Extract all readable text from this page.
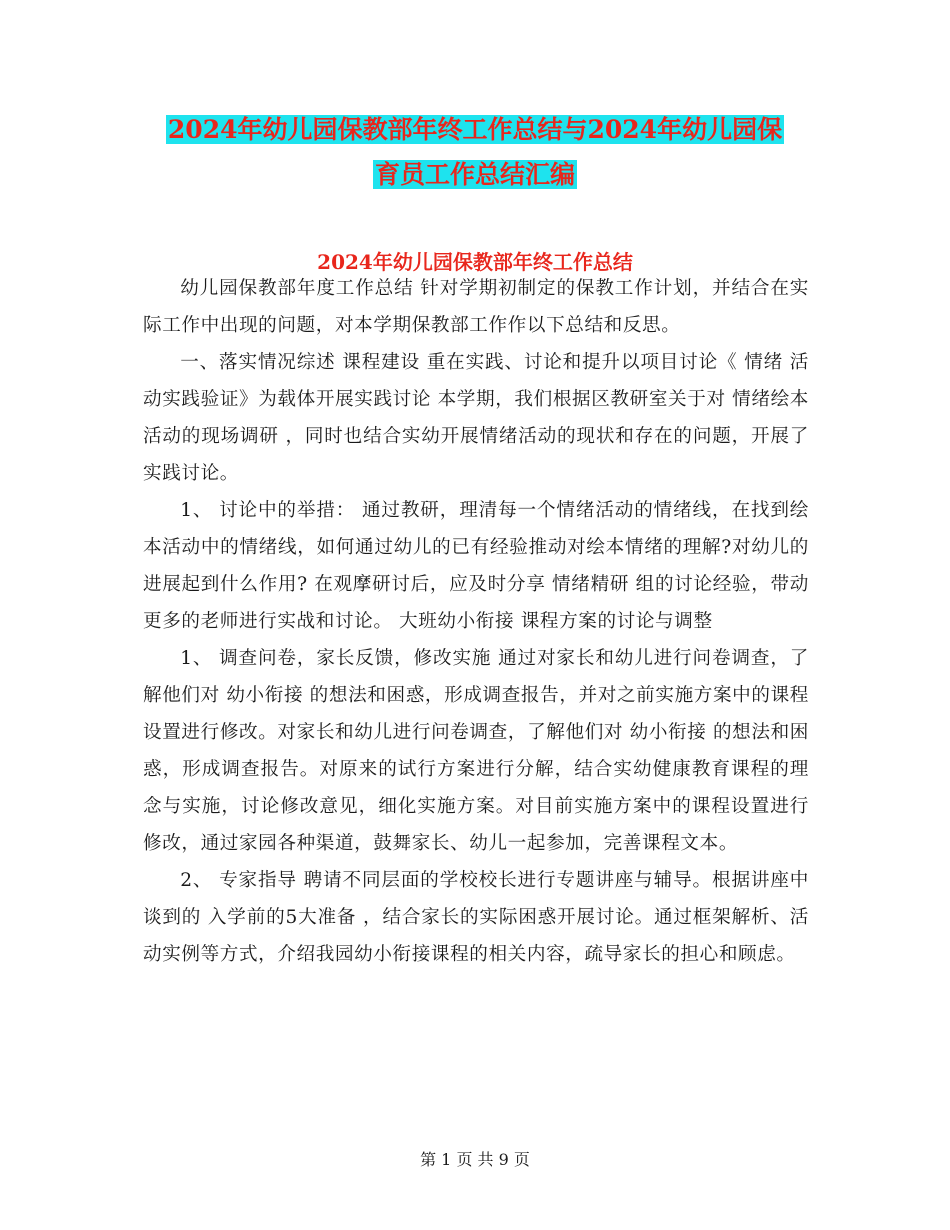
2024年幼儿园保教部年终工作总结与2024年幼儿园保
育员工作总结汇编
2024年幼儿园保教部年终工作总结

幼儿园保教部年度工作总结 针对学期初制定的保教工作计划，并结合在实际工作中出现的问题，对本学期保教部工作作以下总结和反思。

一、落实情况综述 课程建设 重在实践、讨论和提升以项目讨论《 情绪 活动实践验证》为载体开展实践讨论 本学期，我们根据区教研室关于对 情绪绘本活动的现场调研 ，同时也结合实幼开展情绪活动的现状和存在的问题，开展了实践讨论。

1、 讨论中的举措： 通过教研，理清每一个情绪活动的情绪线，在找到绘本活动中的情绪线，如何通过幼儿的已有经验推动对绘本情绪的理解?对幼儿的进展起到什么作用? 在观摩研讨后，应及时分享 情绪精研 组的讨论经验，带动更多的老师进行实战和讨论。 大班幼小衔接 课程方案的讨论与调整

1、 调查问卷，家长反馈，修改实施 通过对家长和幼儿进行问卷调查，了解他们对 幼小衔接 的想法和困惑，形成调查报告，并对之前实施方案中的课程设置进行修改。对家长和幼儿进行问卷调查，了解他们对 幼小衔接 的想法和困惑，形成调查报告。对原来的试行方案进行分解，结合实幼健康教育课程的理念与实施，讨论修改意见，细化实施方案。对目前实施方案中的课程设置进行修改，通过家园各种渠道，鼓舞家长、幼儿一起参加，完善课程文本。

2、 专家指导 聘请不同层面的学校校长进行专题讲座与辅导。根据讲座中谈到的 入学前的5大准备 ，结合家长的实际困惑开展讨论。通过框架解析、活动实例等方式，介绍我园幼小衔接课程的相关内容，疏导家长的担心和顾虑。

第 1 页 共 9 页
